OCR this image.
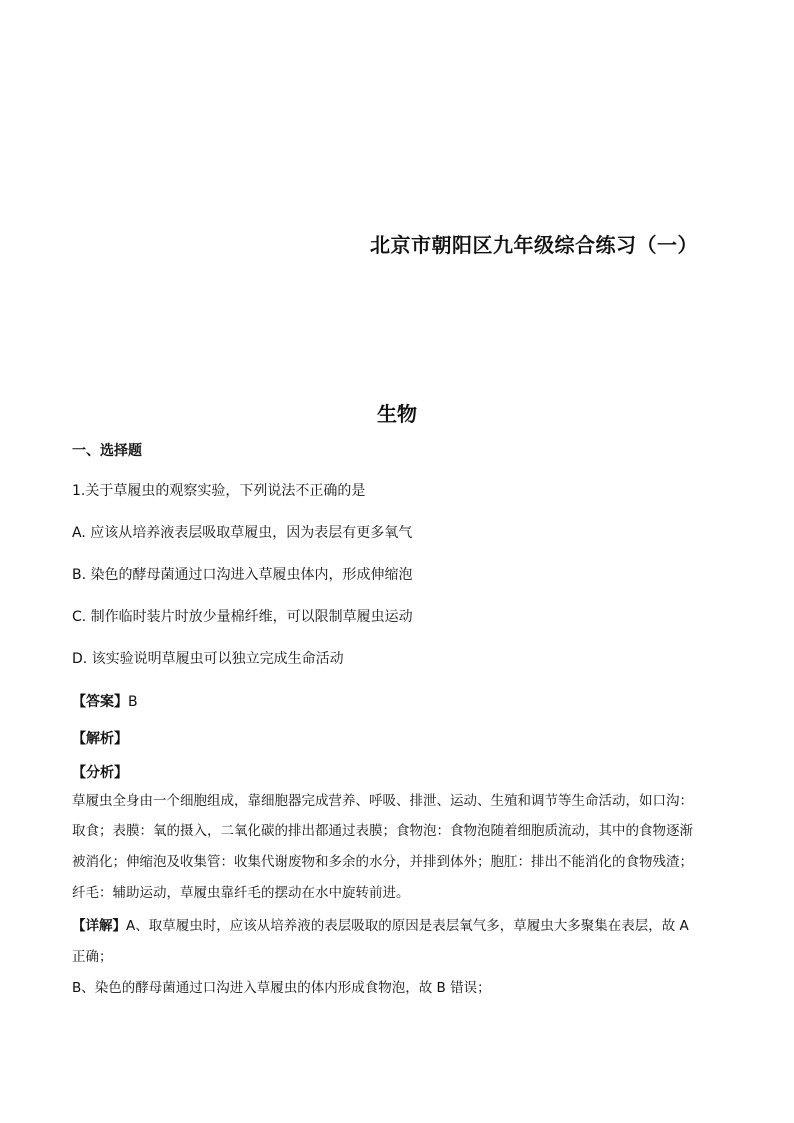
北京市朝阳区九年级综合练习（一）
生物
一、选择题
1.关于草履虫的观察实验，下列说法不正确的是
A. 应该从培养液表层吸取草履虫，因为表层有更多氧气
B. 染色的酵母菌通过口沟进入草履虫体内，形成伸缩泡
C. 制作临时装片时放少量棉纤维，可以限制草履虫运动
D. 该实验说明草履虫可以独立完成生命活动
【答案】B
【解析】
【分析】
草履虫全身由一个细胞组成，靠细胞器完成营养、呼吸、排泄、运动、生殖和调节等生命活动，如口沟：
取食；表膜：氧的摄入，二氧化碳的排出都通过表膜；食物泡：食物泡随着细胞质流动，其中的食物逐渐
被消化；伸缩泡及收集管：收集代谢废物和多余的水分，并排到体外；胞肛：排出不能消化的食物残渣；
纤毛：辅助运动，草履虫靠纤毛的摆动在水中旋转前进。
【详解】A、取草履虫时，应该从培养液的表层吸取的原因是表层氧气多，草履虫大多聚集在表层，故 A
正确；
B、染色的酵母菌通过口沟进入草履虫的体内形成食物泡，故 B 错误；
